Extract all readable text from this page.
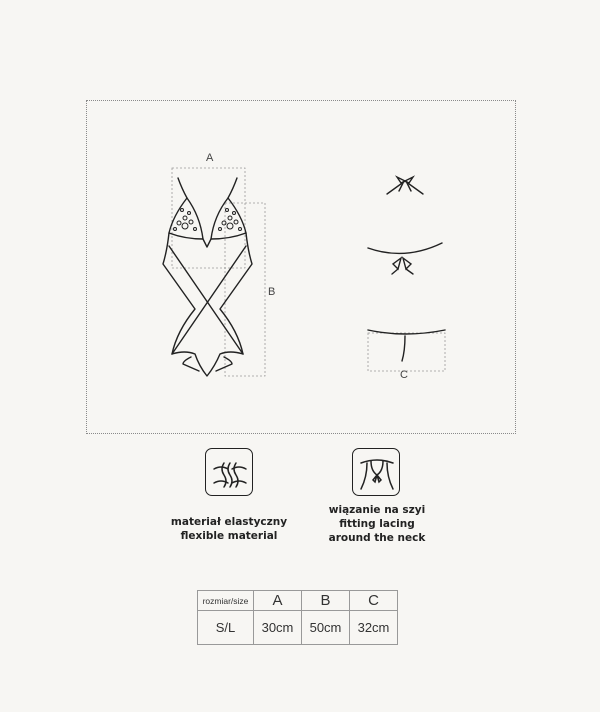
A
B
C
materiał elastyczny
flexible material
wiązanie na szyi
fitting lacing
around the neck
rozmiar/size	A	B	C
S/L	30cm	50cm	32cm
